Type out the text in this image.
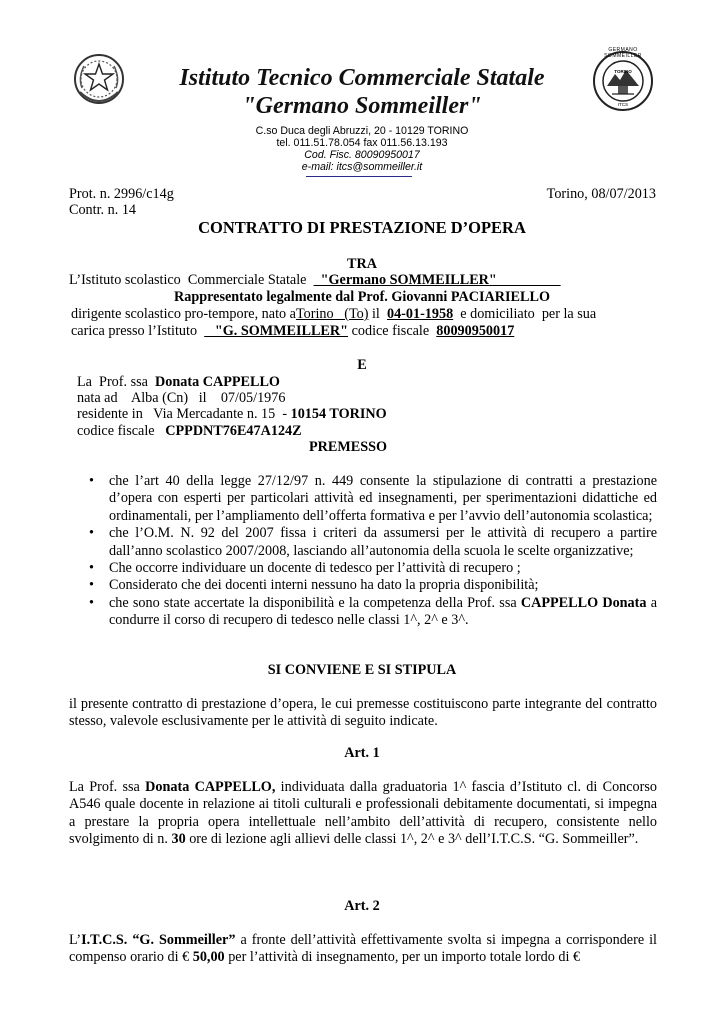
Istituto Tecnico Commerciale Statale
"Germano Sommeiller"
GERMANO SOMMEILLER
TORINO
ITCS
C.so Duca degli Abruzzi, 20 - 10129 TORINO
tel. 011.51.78.054 fax 011.56.13.193
Cod. Fisc. 80090950017
e-mail: itcs@sommeiller.it
Prot. n. 2996/c14g	Torino, 08/07/2013
Contr. n. 14
CONTRATTO DI PRESTAZIONE D’OPERA
TRA
L’Istituto scolastico  Commerciale Statale    "Germano SOMMEILLER"
Rappresentato legalmente dal Prof. Giovanni PACIARIELLO
dirigente scolastico pro-tempore, nato aTorino   (To) il  04-01-1958  e domiciliato  per la sua
carica presso l’Istituto     "G. SOMMEILLER" codice fiscale  80090950017
E
La  Prof. ssa  Donata CAPPELLO
nata ad    Alba (Cn)   il    07/05/1976
residente in   Via Mercadante n. 15  - 10154 TORINO
codice fiscale   CPPDNT76E47A124Z
PREMESSO
• che l’art 40 della legge 27/12/97 n. 449 consente la stipulazione di contratti a prestazione d’opera con esperti per particolari attività ed insegnamenti, per sperimentazioni didattiche ed ordinamentali, per l’ampliamento dell’offerta formativa e per l’avvio dell’autonomia scolastica;
• che l’O.M. N. 92 del 2007 fissa i criteri da assumersi per le attività di recupero a partire dall’anno scolastico 2007/2008, lasciando all’autonomia della scuola le scelte organizzative;
• Che occorre individuare un docente di tedesco per l’attività di recupero ;
• Considerato che dei docenti interni nessuno ha dato la propria disponibilità;
• che sono state accertate la disponibilità e la competenza della Prof. ssa CAPPELLO Donata a condurre il corso di recupero di tedesco nelle classi 1^, 2^ e 3^.
SI CONVIENE E SI STIPULA
il presente contratto di prestazione d’opera, le cui premesse costituiscono parte integrante del contratto stesso, valevole esclusivamente per le attività di seguito indicate.
Art. 1
La Prof. ssa Donata CAPPELLO, individuata dalla graduatoria 1^ fascia d’Istituto cl. di Concorso A546 quale docente in relazione ai titoli culturali e professionali debitamente documentati, si impegna a prestare la propria opera intellettuale nell’ambito dell’attività di recupero, consistente nello svolgimento di n. 30 ore di lezione agli allievi delle classi 1^, 2^ e 3^ dell’I.T.C.S. “G. Sommeiller”.
Art. 2
L’I.T.C.S. “G. Sommeiller” a fronte dell’attività effettivamente svolta si impegna a corrispondere il compenso orario di € 50,00 per l’attività di insegnamento, per un importo totale lordo di €
